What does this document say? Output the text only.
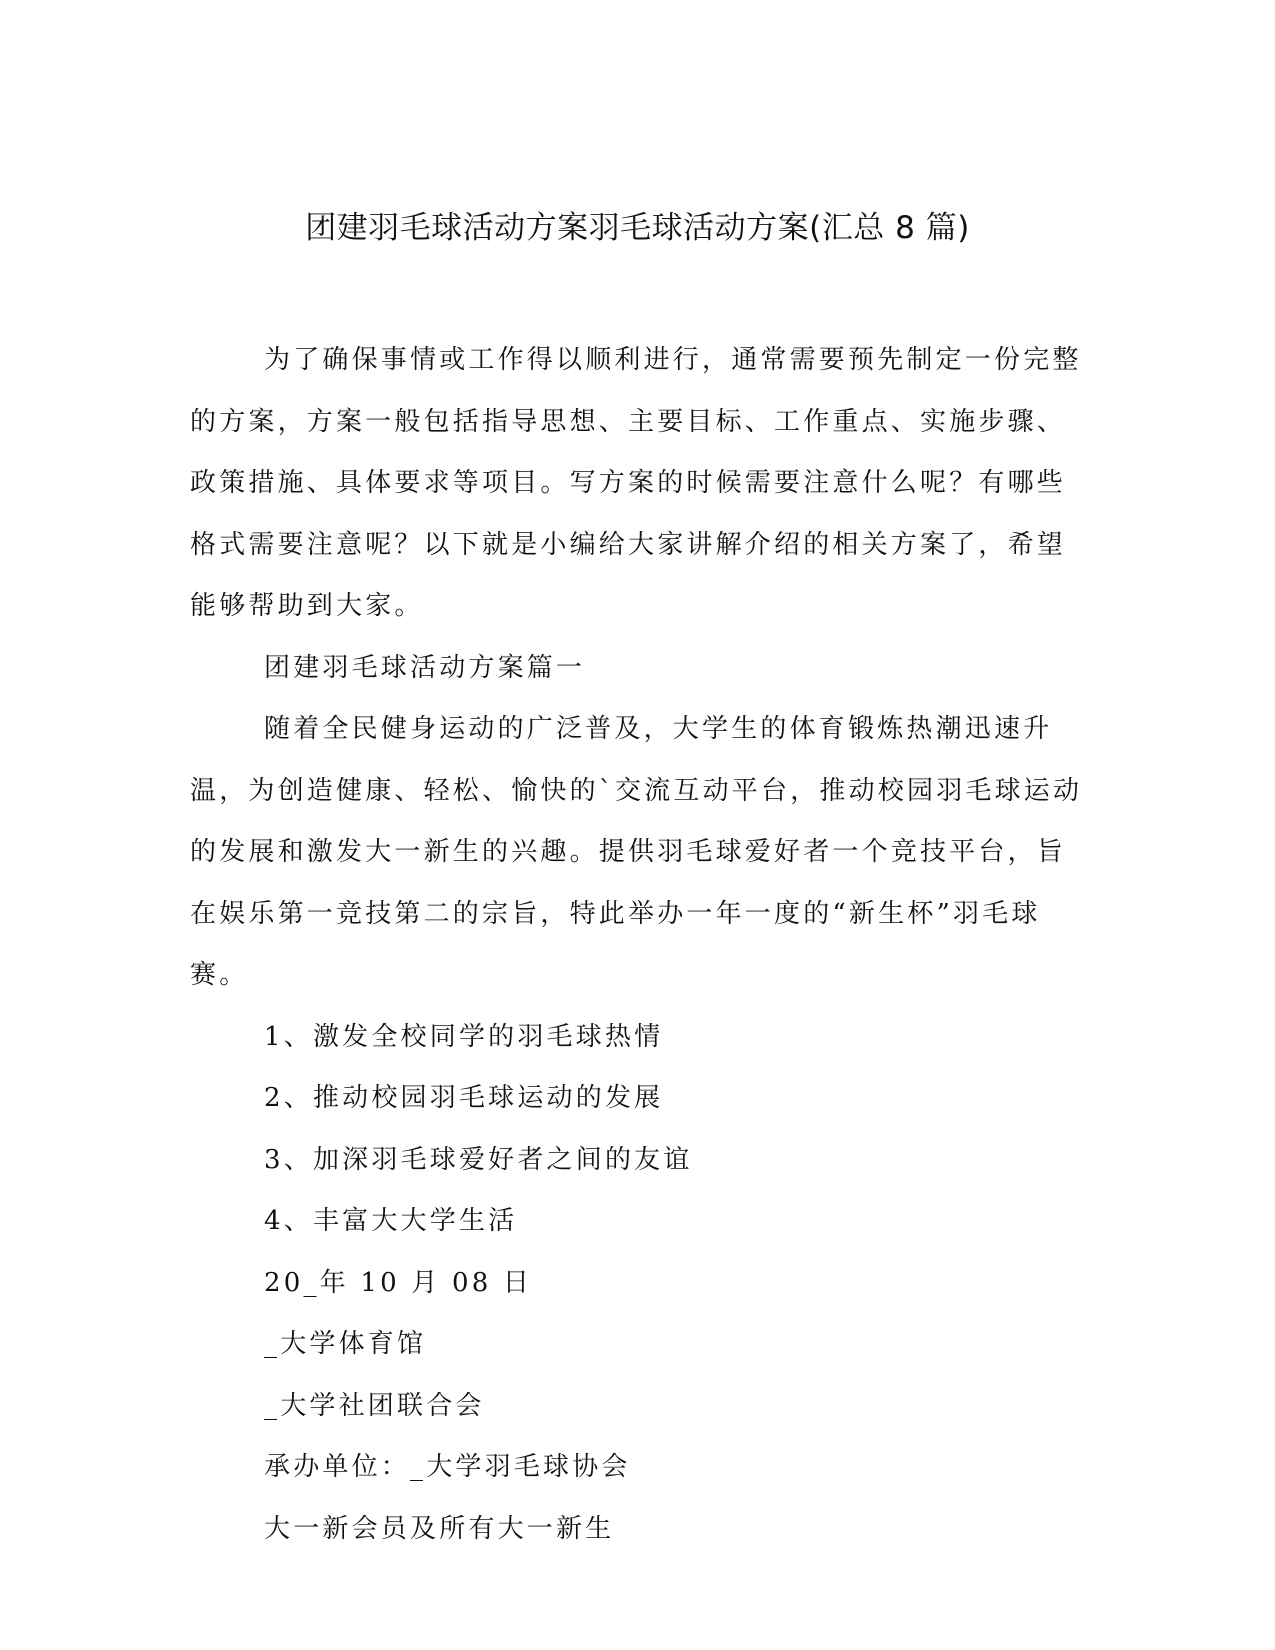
团建羽毛球活动方案羽毛球活动方案(汇总 8 篇)

为了确保事情或工作得以顺利进行，通常需要预先制定一份完整的方案，方案一般包括指导思想、主要目标、工作重点、实施步骤、政策措施、具体要求等项目。写方案的时候需要注意什么呢？有哪些格式需要注意呢？以下就是小编给大家讲解介绍的相关方案了，希望能够帮助到大家。

团建羽毛球活动方案篇一

随着全民健身运动的广泛普及，大学生的体育锻炼热潮迅速升温，为创造健康、轻松、愉快的`交流互动平台，推动校园羽毛球运动的发展和激发大一新生的兴趣。提供羽毛球爱好者一个竞技平台，旨在娱乐第一竞技第二的宗旨，特此举办一年一度的“新生杯”羽毛球赛。

1、激发全校同学的羽毛球热情

2、推动校园羽毛球运动的发展

3、加深羽毛球爱好者之间的友谊

4、丰富大大学生活

20_年 10 月 08 日

_大学体育馆

_大学社团联合会

承办单位：_大学羽毛球协会

大一新会员及所有大一新生
